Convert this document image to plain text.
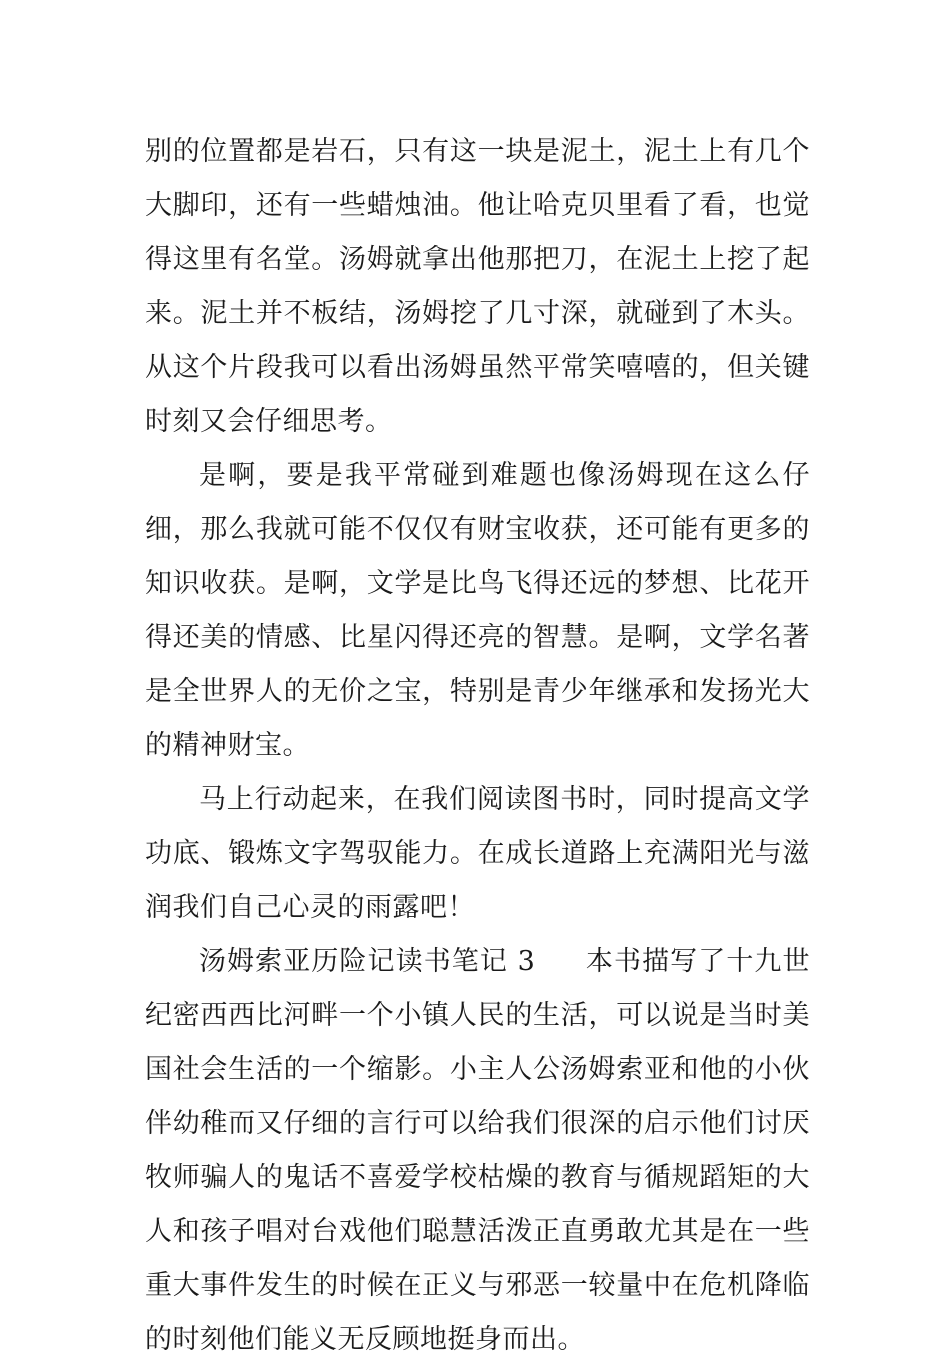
别的位置都是岩石，只有这一块是泥土，泥土上有几个大脚印，还有一些蜡烛油。他让哈克贝里看了看，也觉得这里有名堂。汤姆就拿出他那把刀，在泥土上挖了起来。泥土并不板结，汤姆挖了几寸深，就碰到了木头。从这个片段我可以看出汤姆虽然平常笑嘻嘻的，但关键时刻又会仔细思考。

是啊，要是我平常碰到难题也像汤姆现在这么仔细，那么我就可能不仅仅有财宝收获，还可能有更多的知识收获。是啊，文学是比鸟飞得还远的梦想、比花开得还美的情感、比星闪得还亮的智慧。是啊，文学名著是全世界人的无价之宝，特别是青少年继承和发扬光大的精神财宝。

马上行动起来，在我们阅读图书时，同时提高文学功底、锻炼文字驾驭能力。在成长道路上充满阳光与滋润我们自己心灵的雨露吧！

汤姆索亚历险记读书笔记 3 本书描写了十九世纪密西西比河畔一个小镇人民的生活，可以说是当时美国社会生活的一个缩影。小主人公汤姆索亚和他的小伙伴幼稚而又仔细的言行可以给我们很深的启示他们讨厌牧师骗人的鬼话不喜爱学校枯燥的教育与循规蹈矩的大人和孩子唱对台戏他们聪慧活泼正直勇敢尤其是在一些重大事件发生的时候在正义与邪恶一较量中在危机降临的时刻他们能义无反顾地挺身而出。
